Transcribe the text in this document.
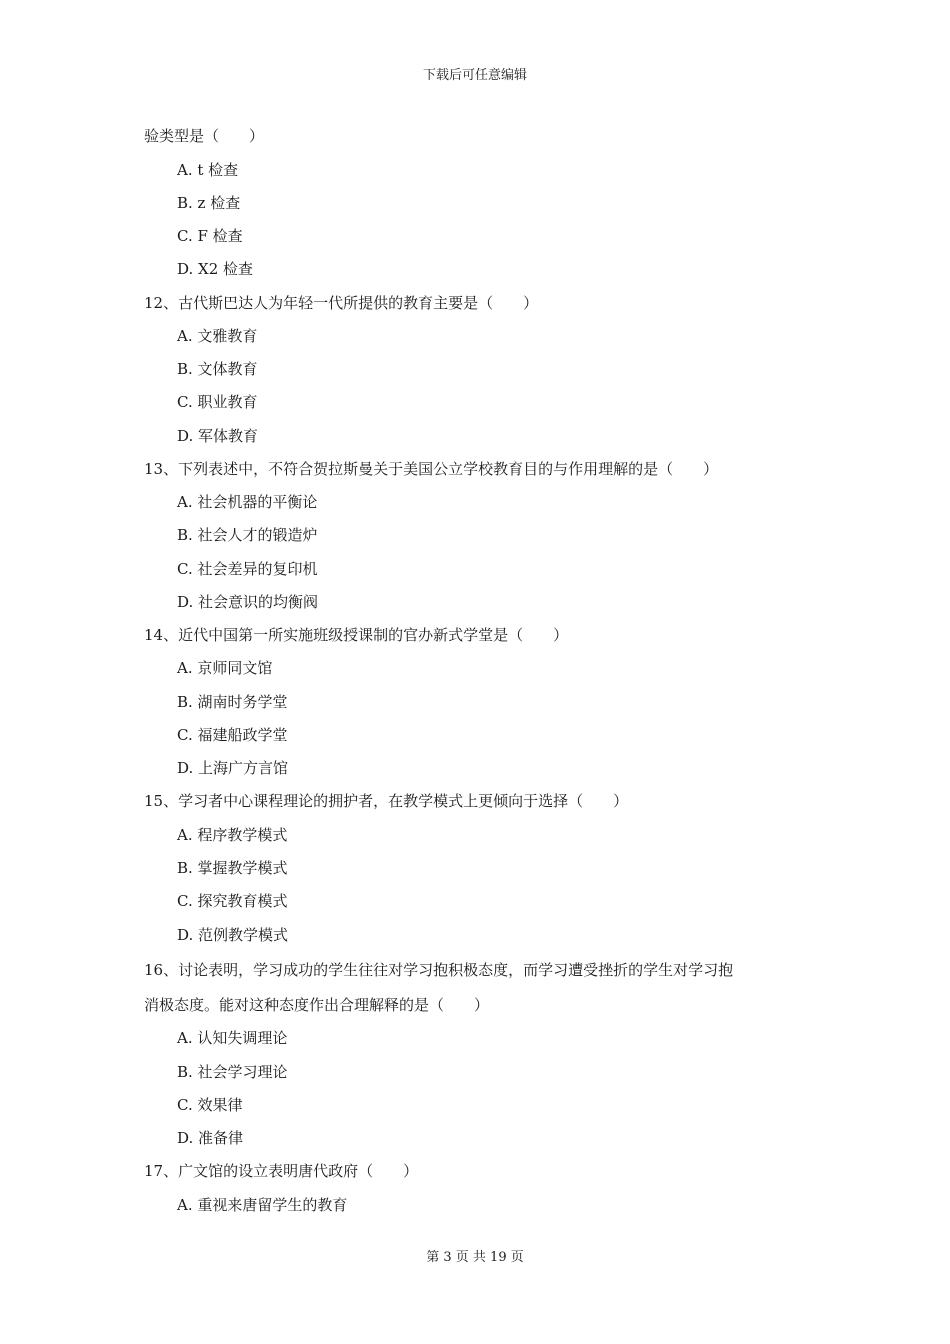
下载后可任意编辑
验类型是（　　）
A. t 检查
B. z 检查
C. F 检查
D. X2 检查
12、古代斯巴达人为年轻一代所提供的教育主要是（　　）
A. 文雅教育
B. 文体教育
C. 职业教育
D. 军体教育
13、下列表述中，不符合贺拉斯曼关于美国公立学校教育目的与作用理解的是（　　）
A. 社会机器的平衡论
B. 社会人才的锻造炉
C. 社会差异的复印机
D. 社会意识的均衡阀
14、近代中国第一所实施班级授课制的官办新式学堂是（　　）
A. 京师同文馆
B. 湖南时务学堂
C. 福建船政学堂
D. 上海广方言馆
15、学习者中心课程理论的拥护者，在教学模式上更倾向于选择（　　）
A. 程序教学模式
B. 掌握教学模式
C. 探究教育模式
D. 范例教学模式
16、讨论表明，学习成功的学生往往对学习抱积极态度，而学习遭受挫折的学生对学习抱
消极态度。能对这种态度作出合理解释的是（　　）
A. 认知失调理论
B. 社会学习理论
C. 效果律
D. 准备律
17、广文馆的设立表明唐代政府（　　）
A. 重视来唐留学生的教育
第 3 页 共 19 页
